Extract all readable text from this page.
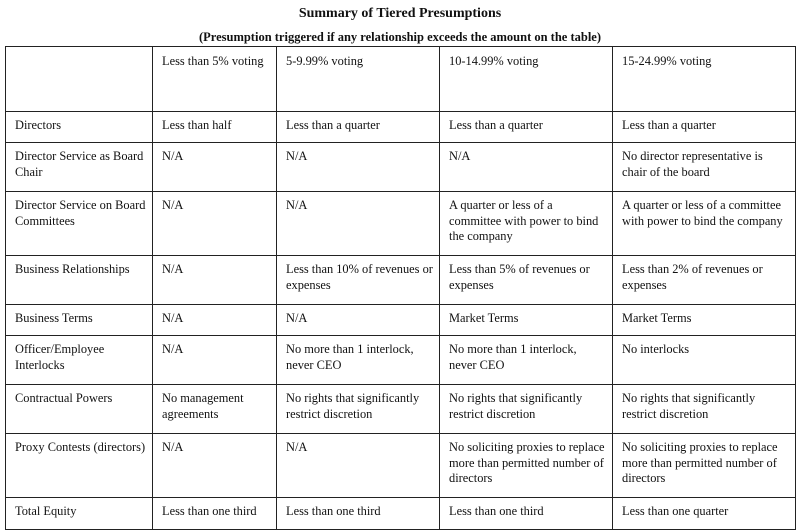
Summary of Tiered Presumptions
(Presumption triggered if any relationship exceeds the amount on the table)
	Less than 5% voting	5-9.99% voting	10-14.99% voting	15-24.99% voting
Directors	Less than half	Less than a quarter	Less than a quarter	Less than a quarter
Director Service as Board Chair	N/A	N/A	N/A	No director representative is chair of the board
Director Service on Board Committees	N/A	N/A	A quarter or less of a committee with power to bind the company	A quarter or less of a committee with power to bind the company
Business Relationships	N/A	Less than 10% of revenues or expenses	Less than 5% of revenues or expenses	Less than 2% of revenues or expenses
Business Terms	N/A	N/A	Market Terms	Market Terms
Officer/Employee Interlocks	N/A	No more than 1 interlock, never CEO	No more than 1 interlock, never CEO	No interlocks
Contractual Powers	No management agreements	No rights that significantly restrict discretion	No rights that significantly restrict discretion	No rights that significantly restrict discretion
Proxy Contests (directors)	N/A	N/A	No soliciting proxies to replace more than permitted number of directors	No soliciting proxies to replace more than permitted number of directors
Total Equity	Less than one third	Less than one third	Less than one third	Less than one quarter
